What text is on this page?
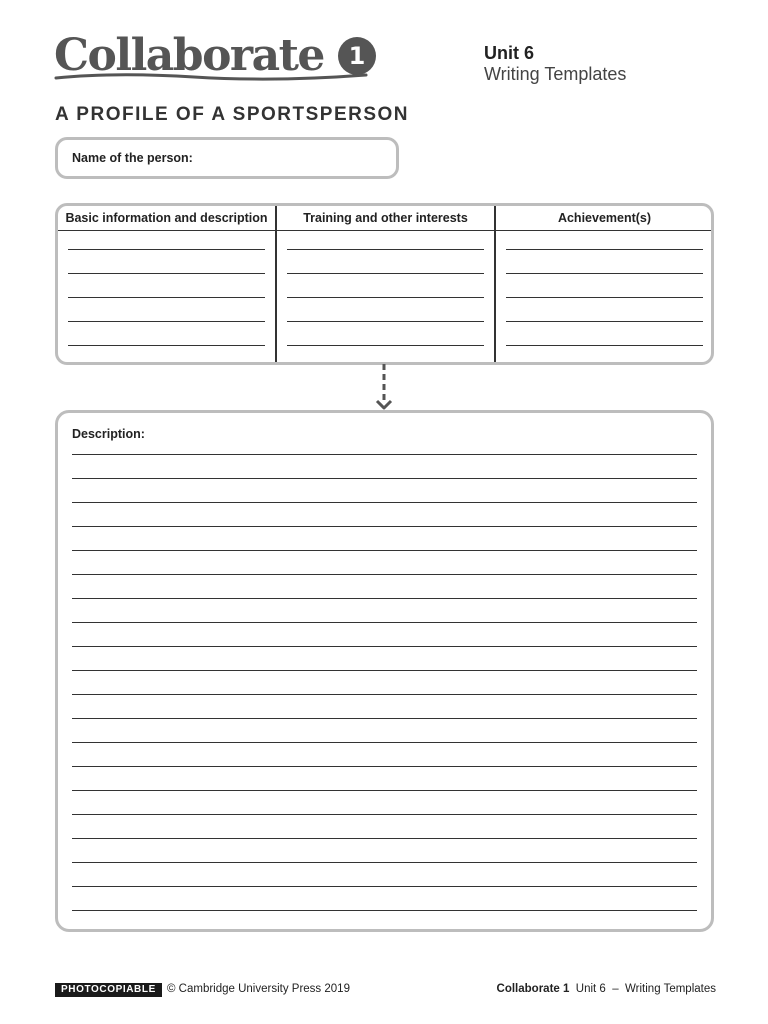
Collaborate	1	Unit 6
Writing Templates
A PROFILE OF A SPORTSPERSON
Name of the person:
Basic information and description	Training and other interests	Achievement(s)
Description:
PHOTOCOPIABLE © Cambridge University Press 2019	Collaborate 1 Unit 6 – Writing Templates
